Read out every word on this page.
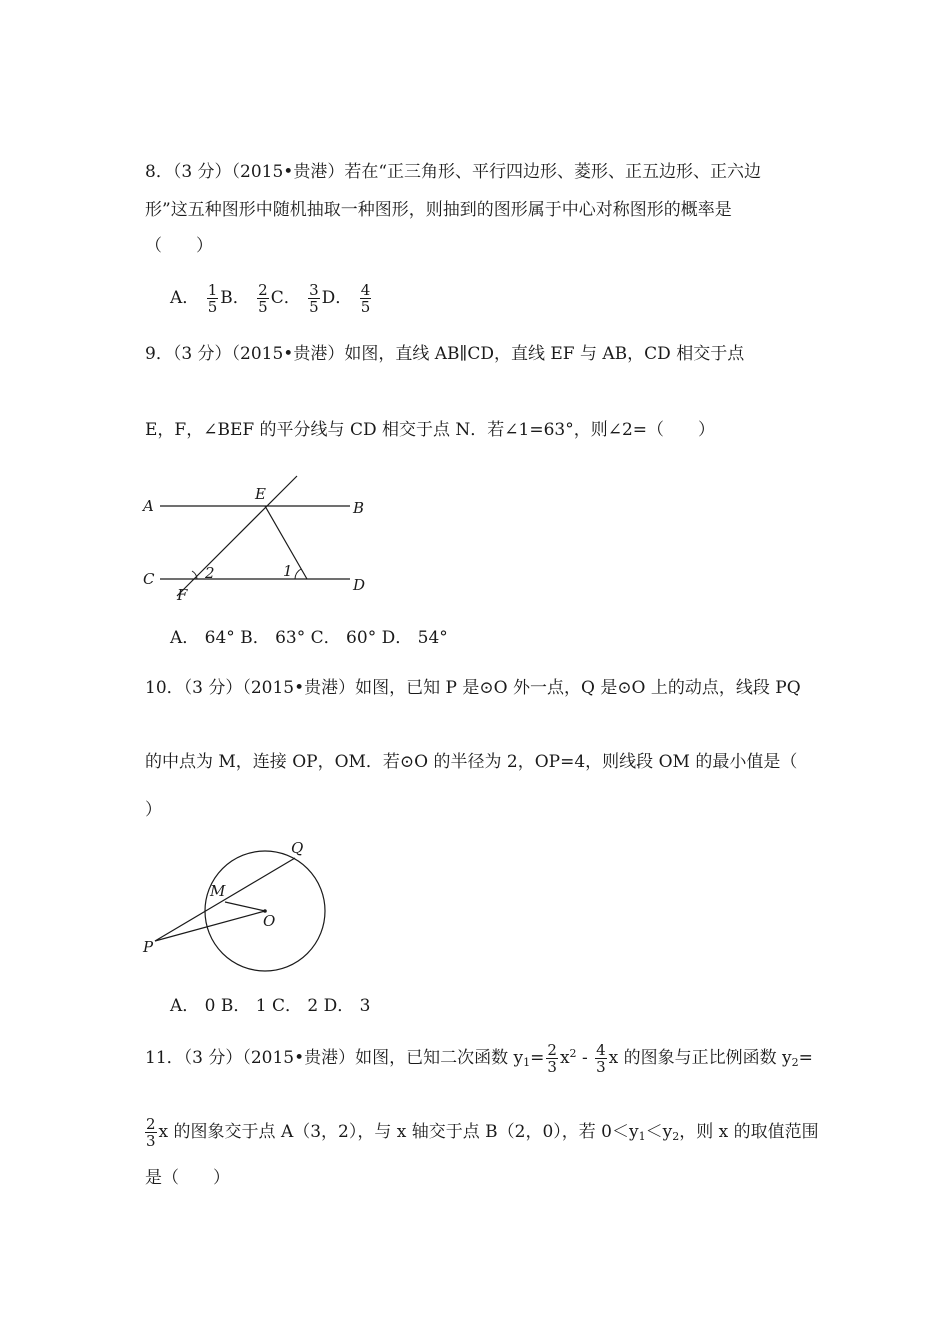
8．（3 分）（2015•贵港）若在“正三角形、平行四边形、菱形、正五边形、正六边
形”这五种图形中随机抽取一种图形，则抽到的图形属于中心对称图形的概率是
（　　）
A． $\frac{1}{5}$ B． $\frac{2}{5}$ C． $\frac{3}{5}$ D． $\frac{4}{5}$
9．（3 分）（2015•贵港）如图，直线 AB∥CD，直线 EF 与 AB，CD 相交于点
E，F，∠BEF 的平分线与 CD 相交于点 N．若∠1=63°，则∠2=（　　）
A	B
C	D
E
F
1
2
A． 64° B． 63° C． 60° D． 54°
10．（3 分）（2015•贵港）如图，已知 P 是⊙O 外一点，Q 是⊙O 上的动点，线段 PQ
的中点为 M，连接 OP，OM．若⊙O 的半径为 2，OP=4，则线段 OM 的最小值是（
）
P
Q
M
O
A． 0 B． 1 C． 2 D． 3
11．（3 分）（2015•贵港）如图，已知二次函数 $y_1= \frac{2}{3} x^2 - \frac{4}{3}$ x 的图象与正比例函数 $y_2=$
$\frac{2}{3}$ x 的图象交于点 A（3，2），与 x 轴交于点 B（2，0），若 $0<y_1<y_2$，则 x 的取值范围
是（　　）
